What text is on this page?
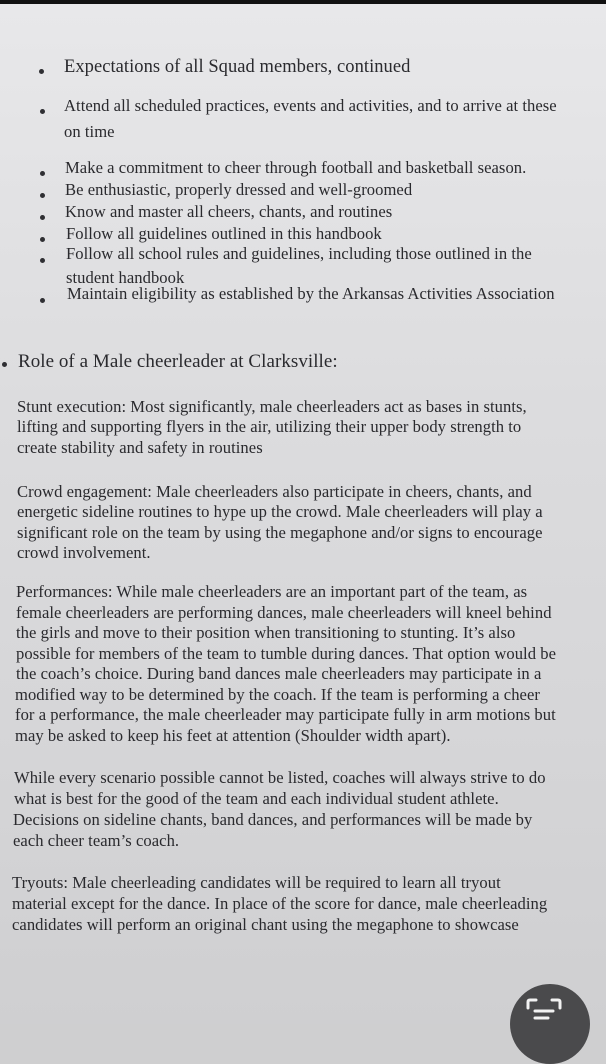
Expectations of all Squad members, continued
Attend all scheduled practices, events and activities, and to arrive at these
on time
Make a commitment to cheer through football and basketball season.
Be enthusiastic, properly dressed and well-groomed
Know and master all cheers, chants, and routines
Follow all guidelines outlined in this handbook
Follow all school rules and guidelines, including those outlined in the
student handbook
Maintain eligibility as established by the Arkansas Activities Association
Role of a Male cheerleader at Clarksville:
Stunt execution: Most significantly, male cheerleaders act as bases in stunts,
lifting and supporting flyers in the air, utilizing their upper body strength to
create stability and safety in routines
Crowd engagement: Male cheerleaders also participate in cheers, chants, and
energetic sideline routines to hype up the crowd. Male cheerleaders will play a
significant role on the team by using the megaphone and/or signs to encourage
crowd involvement.
Performances: While male cheerleaders are an important part of the team, as
female cheerleaders are performing dances, male cheerleaders will kneel behind
the girls and move to their position when transitioning to stunting. It’s also
possible for members of the team to tumble during dances. That option would be
the coach’s choice. During band dances male cheerleaders may participate in a
modified way to be determined by the coach. If the team is performing a cheer
for a performance, the male cheerleader may participate fully in arm motions but
may be asked to keep his feet at attention (Shoulder width apart).
While every scenario possible cannot be listed, coaches will always strive to do
what is best for the good of the team and each individual student athlete.
Decisions on sideline chants, band dances, and performances will be made by
each cheer team’s coach.
Tryouts: Male cheerleading candidates will be required to learn all tryout
material except for the dance. In place of the score for dance, male cheerleading
candidates will perform an original chant using the megaphone to showcase
